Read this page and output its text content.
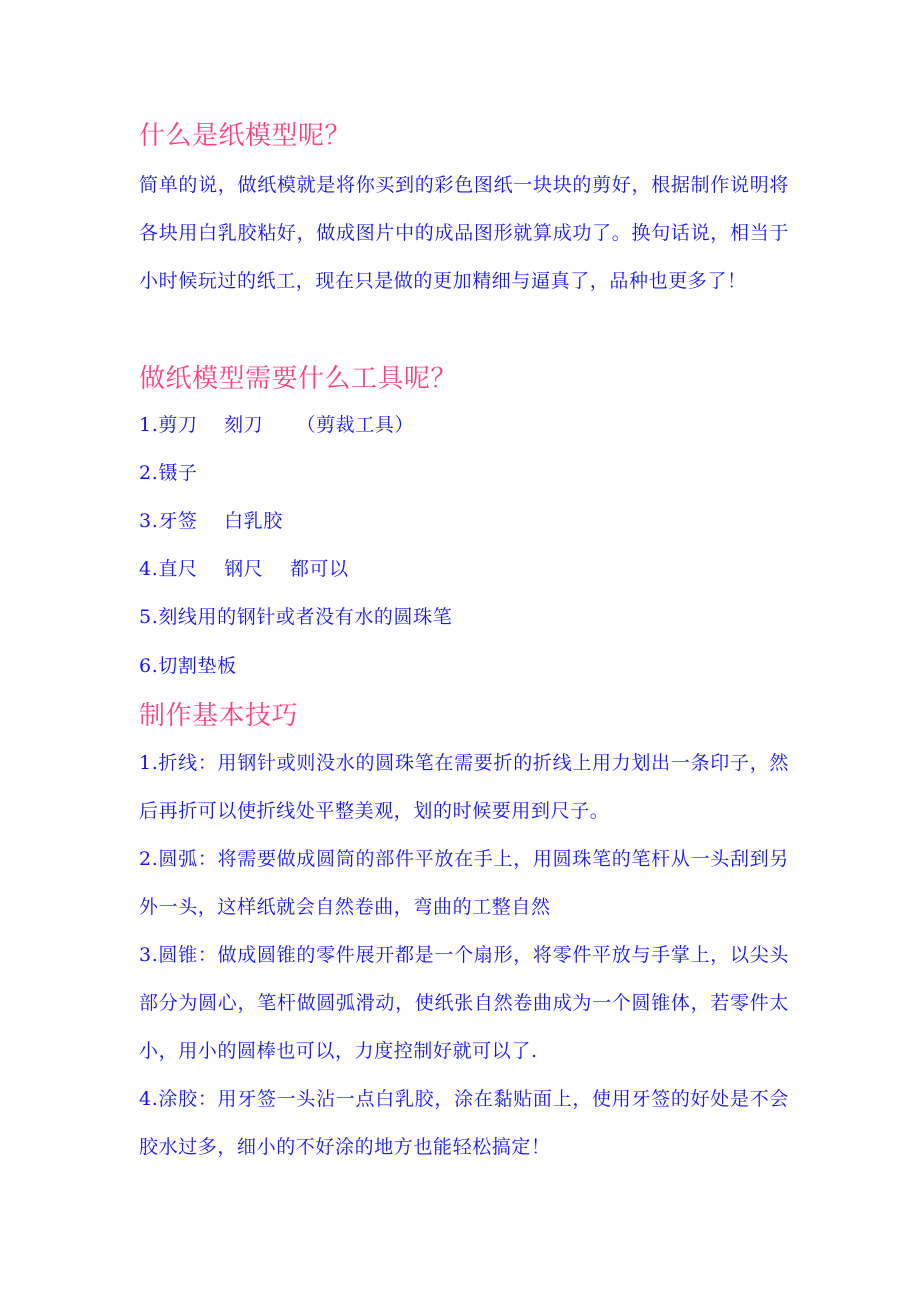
什么是纸模型呢？
简单的说，做纸模就是将你买到的彩色图纸一块块的剪好，根据制作说明将各块用白乳胶粘好，做成图片中的成品图形就算成功了。换句话说，相当于小时候玩过的纸工，现在只是做的更加精细与逼真了，品种也更多了！
做纸模型需要什么工具呢？
1.剪刀    刻刀     （剪裁工具）
2.镊子
3.牙签    白乳胶
4.直尺    钢尺    都可以
5.刻线用的钢针或者没有水的圆珠笔
6.切割垫板
制作基本技巧
1.折线：用钢针或则没水的圆珠笔在需要折的折线上用力划出一条印子，然后再折可以使折线处平整美观，划的时候要用到尺子。
2.圆弧：将需要做成圆筒的部件平放在手上，用圆珠笔的笔杆从一头刮到另外一头，这样纸就会自然卷曲，弯曲的工整自然
3.圆锥：做成圆锥的零件展开都是一个扇形，将零件平放与手掌上，以尖头部分为圆心，笔杆做圆弧滑动，使纸张自然卷曲成为一个圆锥体，若零件太小，用小的圆棒也可以，力度控制好就可以了.
4.涂胶：用牙签一头沾一点白乳胶，涂在黏贴面上，使用牙签的好处是不会胶水过多，细小的不好涂的地方也能轻松搞定！
